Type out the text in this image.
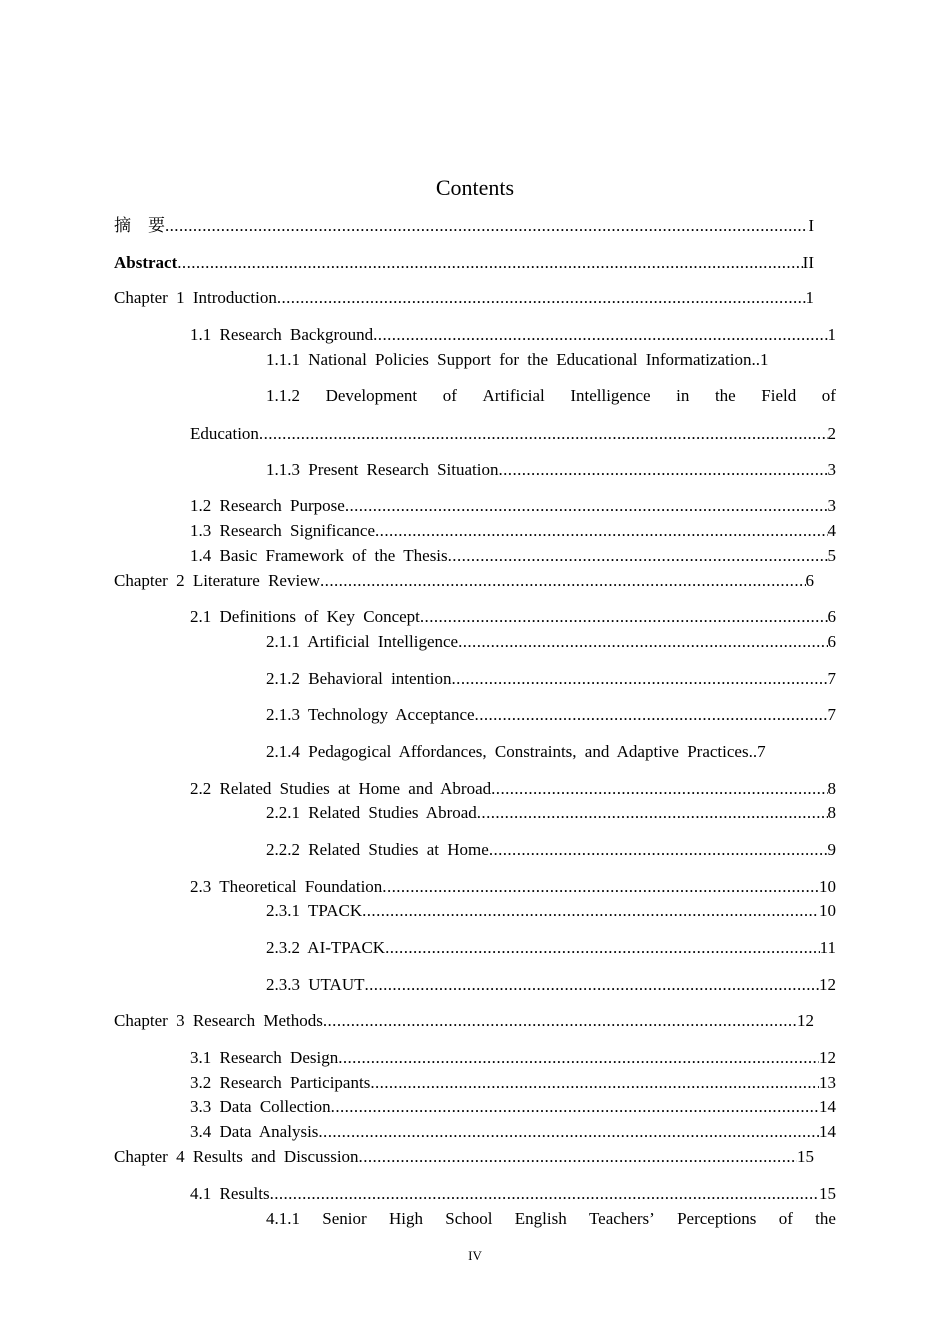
Contents
摘　要 .....	I
Abstract .....	II
Chapter 1 Introduction .....	1
1.1 Research Background .....	1
1.1.1 National Policies Support for the Educational Informatization. .1
1.1.2 Development of Artificial Intelligence in the Field of
Education .....	2
1.1.3 Present Research Situation .....	3
1.2 Research Purpose .....	3
1.3 Research Significance .....	4
1.4 Basic Framework of the Thesis .....	5
Chapter 2 Literature Review .....	6
2.1 Definitions of Key Concept .....	6
2.1.1 Artificial Intelligence .....	6
2.1.2 Behavioral intention .....	7
2.1.3 Technology Acceptance .....	7
2.1.4 Pedagogical Affordances, Constraints, and Adaptive Practices. .7
2.2 Related Studies at Home and Abroad .....	8
2.2.1 Related Studies Abroad .....	8
2.2.2 Related Studies at Home .....	9
2.3 Theoretical Foundation .....	10
2.3.1 TPACK .....	10
2.3.2 AI-TPACK .....	11
2.3.3 UTAUT .....	12
Chapter 3 Research Methods .....	12
3.1 Research Design .....	12
3.2 Research Participants .....	13
3.3 Data Collection .....	14
3.4 Data Analysis .....	14
Chapter 4 Results and Discussion .....	15
4.1 Results .....	15
4.1.1 Senior High School English Teachers’ Perceptions of the
IV
